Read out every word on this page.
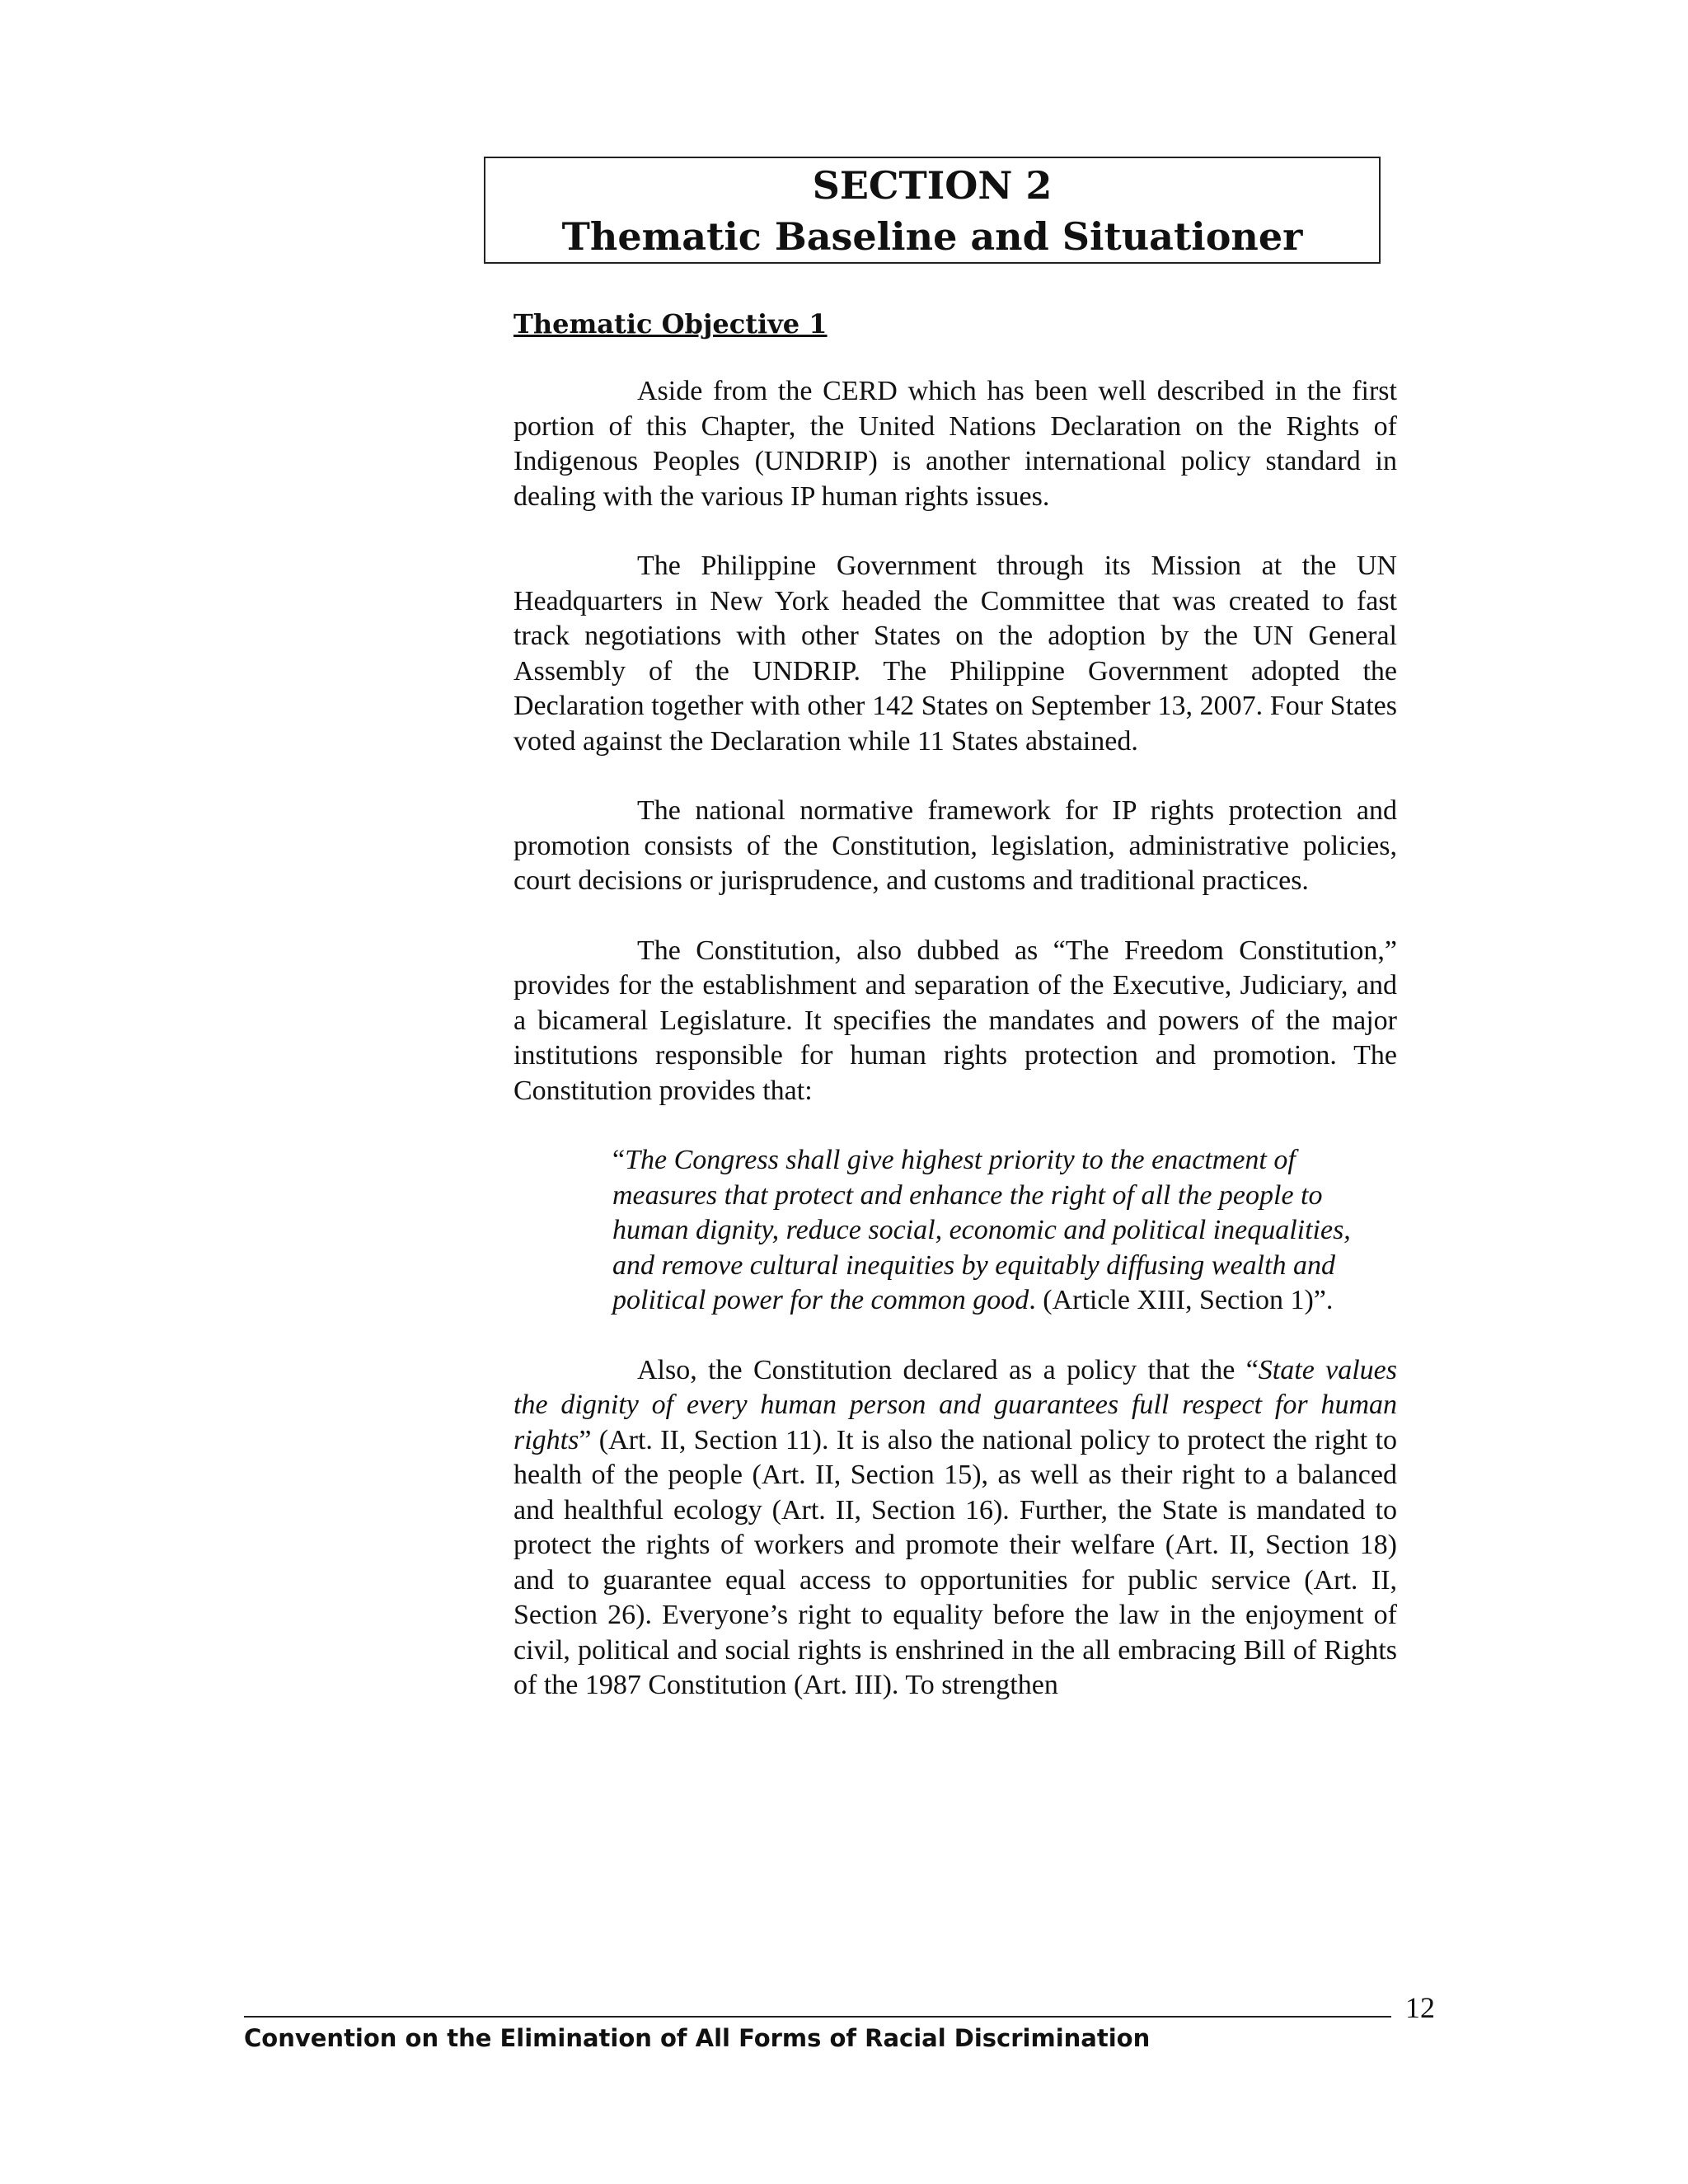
SECTION 2
Thematic Baseline and Situationer
Thematic Objective 1

Aside from the CERD which has been well described in the first portion of this Chapter, the United Nations Declaration on the Rights of Indigenous Peoples (UNDRIP) is another international policy standard in dealing with the various IP human rights issues.

The Philippine Government through its Mission at the UN Headquarters in New York headed the Committee that was created to fast track negotiations with other States on the adoption by the UN General Assembly of the UNDRIP. The Philippine Government adopted the Declaration together with other 142 States on September 13, 2007. Four States voted against the Declaration while 11 States abstained.

The national normative framework for IP rights protection and promotion consists of the Constitution, legislation, administrative policies, court decisions or jurisprudence, and customs and traditional practices.

The Constitution, also dubbed as “The Freedom Constitution,” provides for the establishment and separation of the Executive, Judiciary, and a bicameral Legislature. It specifies the mandates and powers of the major institutions responsible for human rights protection and promotion. The Constitution provides that:

“The Congress shall give highest priority to the enactment of measures that protect and enhance the right of all the people to human dignity, reduce social, economic and political inequalities, and remove cultural inequities by equitably diffusing wealth and political power for the common good. (Article XIII, Section 1)”.

Also, the Constitution declared as a policy that the “State values the dignity of every human person and guarantees full respect for human rights” (Art. II, Section 11). It is also the national policy to protect the right to health of the people (Art. II, Section 15), as well as their right to a balanced and healthful ecology (Art. II, Section 16). Further, the State is mandated to protect the rights of workers and promote their welfare (Art. II, Section 18) and to guarantee equal access to opportunities for public service (Art. II, Section 26). Everyone’s right to equality before the law in the enjoyment of civil, political and social rights is enshrined in the all embracing Bill of Rights of the 1987 Constitution (Art. III). To strengthen

12
Convention on the Elimination of All Forms of Racial Discrimination
